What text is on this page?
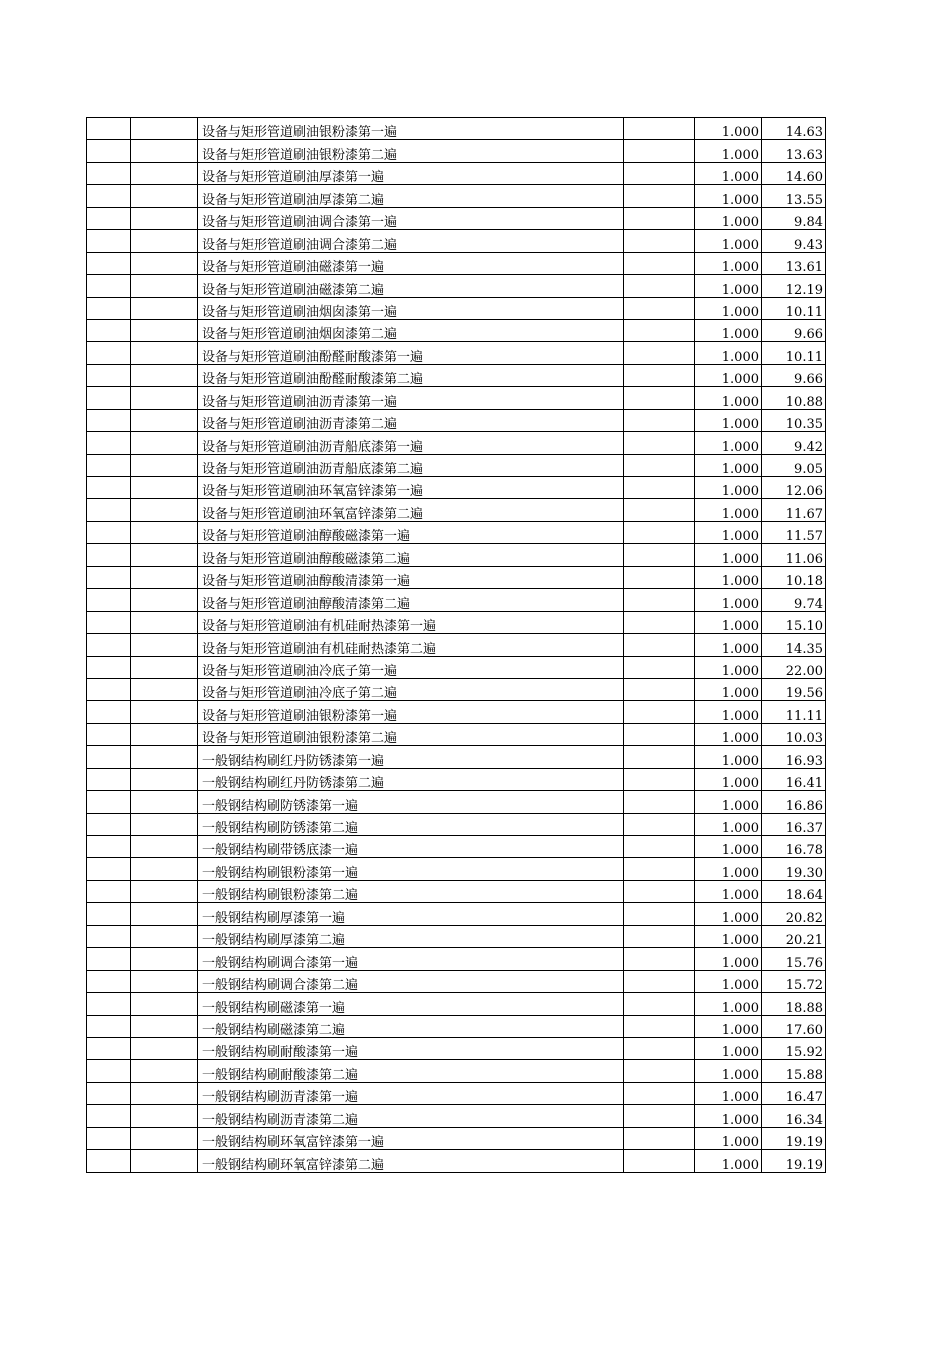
		设备与矩形管道刷油银粉漆第一遍		1.000	14.63
		设备与矩形管道刷油银粉漆第二遍		1.000	13.63
		设备与矩形管道刷油厚漆第一遍		1.000	14.60
		设备与矩形管道刷油厚漆第二遍		1.000	13.55
		设备与矩形管道刷油调合漆第一遍		1.000	9.84
		设备与矩形管道刷油调合漆第二遍		1.000	9.43
		设备与矩形管道刷油磁漆第一遍		1.000	13.61
		设备与矩形管道刷油磁漆第二遍		1.000	12.19
		设备与矩形管道刷油烟囱漆第一遍		1.000	10.11
		设备与矩形管道刷油烟囱漆第二遍		1.000	9.66
		设备与矩形管道刷油酚醛耐酸漆第一遍		1.000	10.11
		设备与矩形管道刷油酚醛耐酸漆第二遍		1.000	9.66
		设备与矩形管道刷油沥青漆第一遍		1.000	10.88
		设备与矩形管道刷油沥青漆第二遍		1.000	10.35
		设备与矩形管道刷油沥青船底漆第一遍		1.000	9.42
		设备与矩形管道刷油沥青船底漆第二遍		1.000	9.05
		设备与矩形管道刷油环氧富锌漆第一遍		1.000	12.06
		设备与矩形管道刷油环氧富锌漆第二遍		1.000	11.67
		设备与矩形管道刷油醇酸磁漆第一遍		1.000	11.57
		设备与矩形管道刷油醇酸磁漆第二遍		1.000	11.06
		设备与矩形管道刷油醇酸清漆第一遍		1.000	10.18
		设备与矩形管道刷油醇酸清漆第二遍		1.000	9.74
		设备与矩形管道刷油有机硅耐热漆第一遍		1.000	15.10
		设备与矩形管道刷油有机硅耐热漆第二遍		1.000	14.35
		设备与矩形管道刷油冷底子第一遍		1.000	22.00
		设备与矩形管道刷油冷底子第二遍		1.000	19.56
		设备与矩形管道刷油银粉漆第一遍		1.000	11.11
		设备与矩形管道刷油银粉漆第二遍		1.000	10.03
		一般钢结构刷红丹防锈漆第一遍		1.000	16.93
		一般钢结构刷红丹防锈漆第二遍		1.000	16.41
		一般钢结构刷防锈漆第一遍		1.000	16.86
		一般钢结构刷防锈漆第二遍		1.000	16.37
		一般钢结构刷带锈底漆一遍		1.000	16.78
		一般钢结构刷银粉漆第一遍		1.000	19.30
		一般钢结构刷银粉漆第二遍		1.000	18.64
		一般钢结构刷厚漆第一遍		1.000	20.82
		一般钢结构刷厚漆第二遍		1.000	20.21
		一般钢结构刷调合漆第一遍		1.000	15.76
		一般钢结构刷调合漆第二遍		1.000	15.72
		一般钢结构刷磁漆第一遍		1.000	18.88
		一般钢结构刷磁漆第二遍		1.000	17.60
		一般钢结构刷耐酸漆第一遍		1.000	15.92
		一般钢结构刷耐酸漆第二遍		1.000	15.88
		一般钢结构刷沥青漆第一遍		1.000	16.47
		一般钢结构刷沥青漆第二遍		1.000	16.34
		一般钢结构刷环氧富锌漆第一遍		1.000	19.19
		一般钢结构刷环氧富锌漆第二遍		1.000	19.19
